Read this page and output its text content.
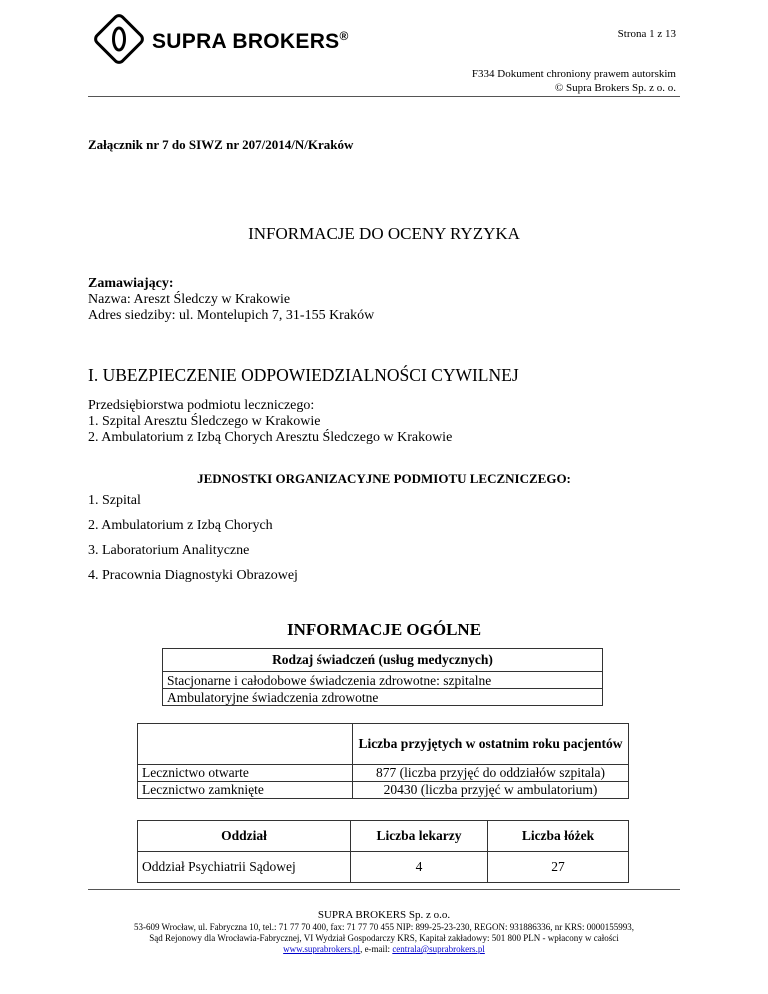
SUPRA BROKERS®	Strona 1 z 13
F334 Dokument chroniony prawem autorskim
© Supra Brokers Sp. z o. o.
Załącznik nr 7 do SIWZ nr 207/2014/N/Kraków
INFORMACJE DO OCENY RYZYKA
Zamawiający:
Nazwa: Areszt Śledczy w Krakowie
Adres siedziby: ul. Montelupich 7, 31-155 Kraków
I. UBEZPIECZENIE ODPOWIEDZIALNOŚCI CYWILNEJ
Przedsiębiorstwa podmiotu leczniczego:
1. Szpital Aresztu Śledczego w Krakowie
2. Ambulatorium z Izbą Chorych Aresztu Śledczego w Krakowie
JEDNOSTKI ORGANIZACYJNE PODMIOTU LECZNICZEGO:
1. Szpital
2. Ambulatorium z Izbą Chorych
3. Laboratorium Analityczne
4. Pracownia Diagnostyki Obrazowej
INFORMACJE OGÓLNE
Rodzaj świadczeń (usług medycznych)
Stacjonarne i całodobowe świadczenia zdrowotne: szpitalne
Ambulatoryjne świadczenia zdrowotne
	Liczba przyjętych w ostatnim roku pacjentów
Lecznictwo otwarte	877 (liczba przyjęć do oddziałów szpitala)
Lecznictwo zamknięte	20430 (liczba przyjęć w ambulatorium)
Oddział	Liczba lekarzy	Liczba łóżek
Oddział Psychiatrii Sądowej	4	27
SUPRA BROKERS Sp. z o.o.
53-609 Wrocław, ul. Fabryczna 10, tel.: 71 77 70 400, fax: 71 77 70 455 NIP: 899-25-23-230, REGON: 931886336, nr KRS: 0000155993,
Sąd Rejonowy dla Wrocławia-Fabrycznej, VI Wydział Gospodarczy KRS, Kapitał zakładowy: 501 800 PLN - wpłacony w całości
www.suprabrokers.pl, e-mail: centrala@suprabrokers.pl
